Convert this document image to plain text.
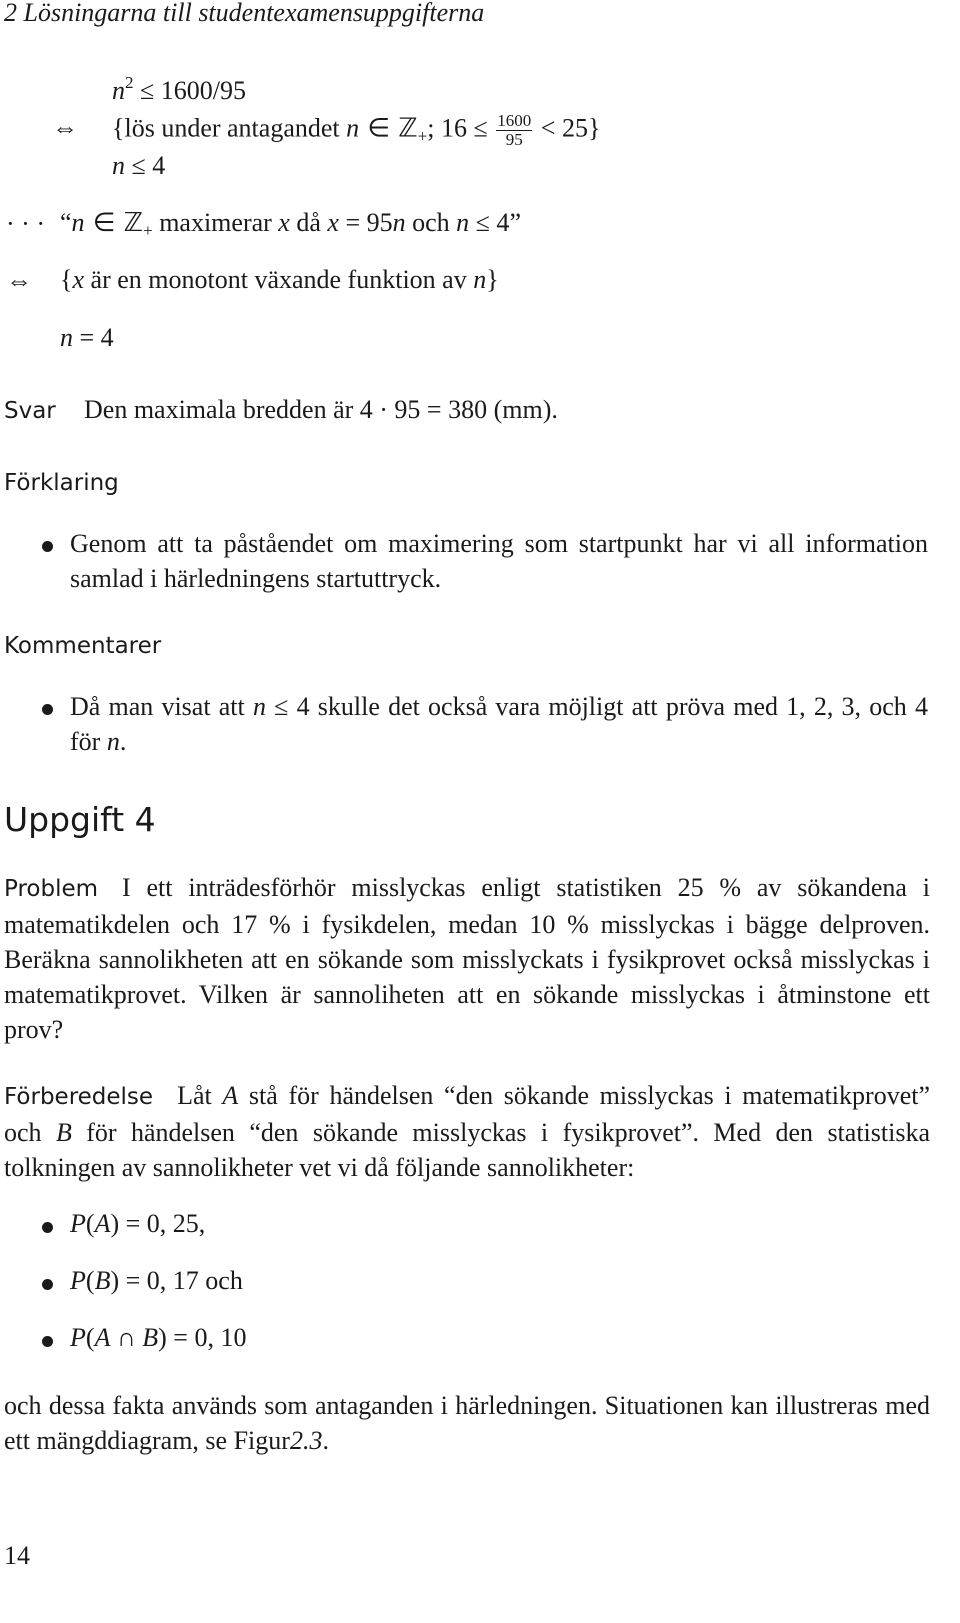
2 Lösningarna till studentexamensuppgifterna
$n^2 \le 1600/95$
⇔ {lös under antagandet n ∈ ℤ$_+$; $16 \le \frac{1600}{95} < 25$}
n ≤ 4
· · · “n ∈ ℤ$_+$ maximerar x då x = 95n och n ≤ 4”
⇔ {x är en monotont växande funktion av n}
n = 4
Svar Den maximala bredden är 4 · 95 = 380 (mm).
Förklaring
Genom att ta påståendet om maximering som startpunkt har vi all information samlad i härledningens startuttryck.
Kommentarer
Då man visat att n ≤ 4 skulle det också vara möjligt att pröva med 1, 2, 3, och 4 för n.
Uppgift 4
Problem I ett inträdesförhör misslyckas enligt statistiken 25 % av sökandena i matematikdelen och 17 % i fysikdelen, medan 10 % misslyckas i bägge delproven. Beräkna sannolikheten att en sökande som misslyckats i fysikprovet också misslyckas i matematikprovet. Vilken är sannoliheten att en sökande misslyckas i åtminstone ett prov?
Förberedelse Låt A stå för händelsen “den sökande misslyckas i matematikprovet” och B för händelsen “den sökande misslyckas i fysikprovet”. Med den statistiska tolkningen av sannolikheter vet vi då följande sannolikheter:
P(A) = 0, 25,
P(B) = 0, 17 och
P(A ∩ B) = 0, 10
och dessa fakta används som antaganden i härledningen. Situationen kan illustreras med ett mängddiagram, se Figur2.3.
14
